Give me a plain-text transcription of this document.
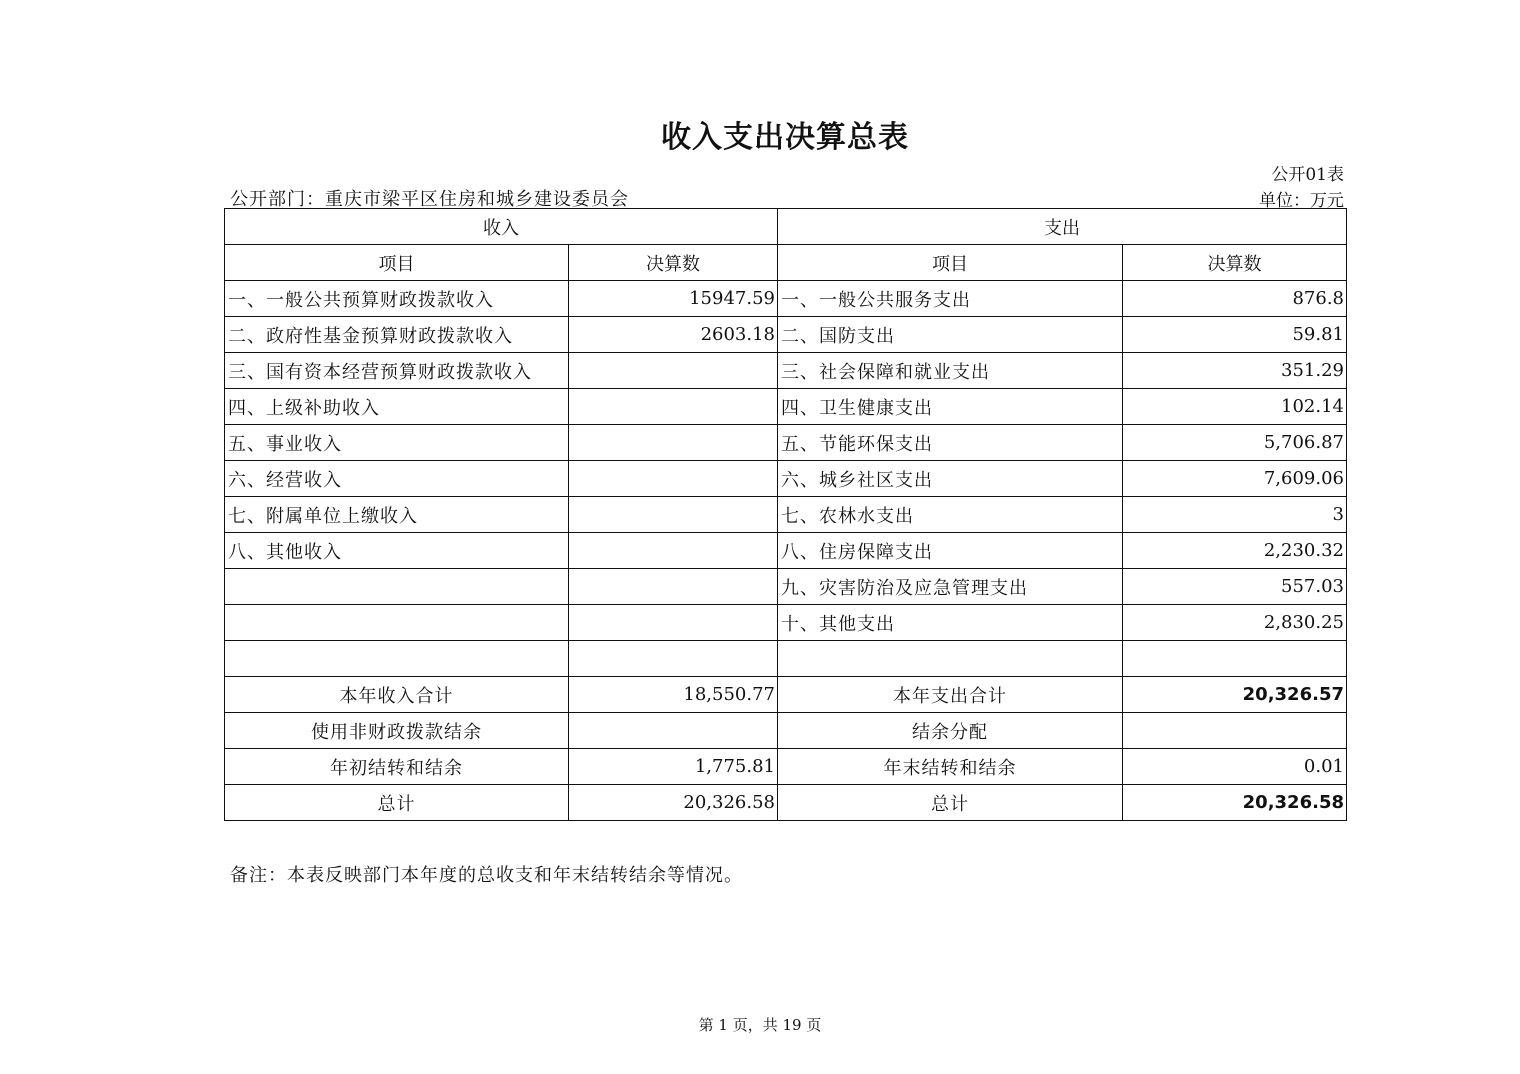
收入支出决算总表
公开01表
公开部门：重庆市梁平区住房和城乡建设委员会	单位：万元
收入		支出	
项目	决算数	项目	决算数
一、一般公共预算财政拨款收入	15947.59	一、一般公共服务支出	876.8
二、政府性基金预算财政拨款收入	2603.18	二、国防支出	59.81
三、国有资本经营预算财政拨款收入		三、社会保障和就业支出	351.29
四、上级补助收入		四、卫生健康支出	102.14
五、事业收入		五、节能环保支出	5,706.87
六、经营收入		六、城乡社区支出	7,609.06
七、附属单位上缴收入		七、农林水支出	3
八、其他收入		八、住房保障支出	2,230.32
		九、灾害防治及应急管理支出	557.03
		十、其他支出	2,830.25

本年收入合计	18,550.77	本年支出合计	20,326.57
使用非财政拨款结余		结余分配	
年初结转和结余	1,775.81	年末结转和结余	0.01
总计	20,326.58	总计	20,326.58
备注：本表反映部门本年度的总收支和年末结转结余等情况。
第 1 页，共 19 页
